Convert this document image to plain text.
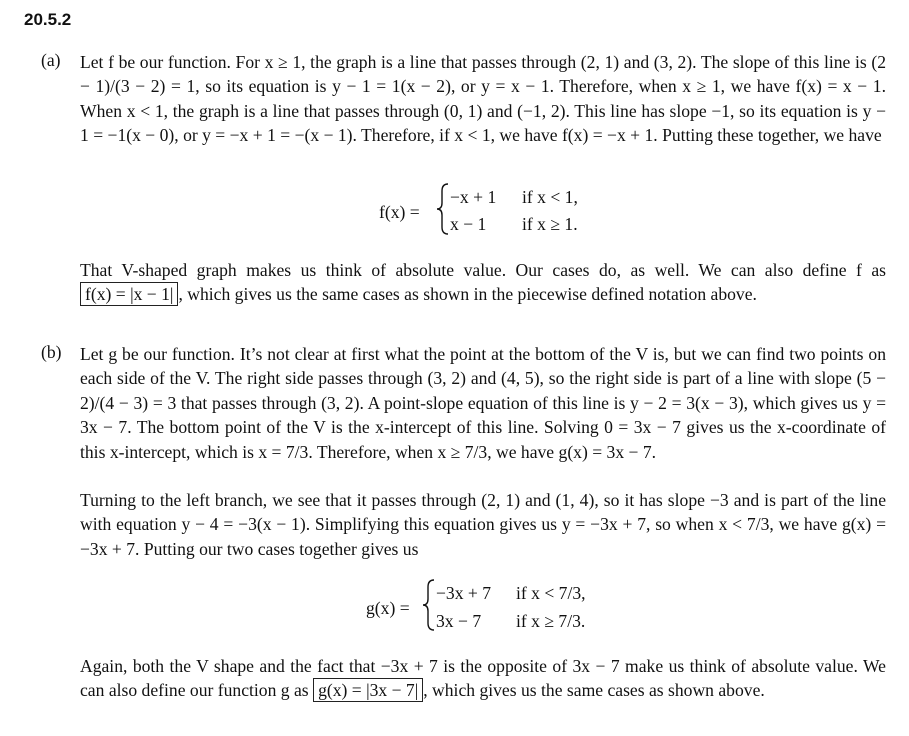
20.5.2
(a) Let f be our function. For x ≥ 1, the graph is a line that passes through (2, 1) and (3, 2). The slope of this line is (2 − 1)/(3 − 2) = 1, so its equation is y − 1 = 1(x − 2), or y = x − 1. Therefore, when x ≥ 1, we have f(x) = x − 1. When x < 1, the graph is a line that passes through (0, 1) and (−1, 2). This line has slope −1, so its equation is y − 1 = −1(x − 0), or y = −x + 1 = −(x − 1). Therefore, if x < 1, we have f(x) = −x + 1. Putting these together, we have
f(x) =
−x + 1 if x < 1,
x − 1 if x ≥ 1.
That V-shaped graph makes us think of absolute value. Our cases do, as well. We can also define f as f(x) = |x − 1| , which gives us the same cases as shown in the piecewise defined notation above.
(b) Let g be our function. It’s not clear at first what the point at the bottom of the V is, but we can find two points on each side of the V. The right side passes through (3, 2) and (4, 5), so the right side is part of a line with slope (5 − 2)/(4 − 3) = 3 that passes through (3, 2). A point-slope equation of this line is y − 2 = 3(x − 3), which gives us y = 3x − 7. The bottom point of the V is the x-intercept of this line. Solving 0 = 3x − 7 gives us the x-coordinate of this x-intercept, which is x = 7/3. Therefore, when x ≥ 7/3, we have g(x) = 3x − 7.
Turning to the left branch, we see that it passes through (2, 1) and (1, 4), so it has slope −3 and is part of the line with equation y − 4 = −3(x − 1). Simplifying this equation gives us y = −3x + 7, so when x < 7/3, we have g(x) = −3x + 7. Putting our two cases together gives us
g(x) =
−3x + 7 if x < 7/3,
3x − 7 if x ≥ 7/3.
Again, both the V shape and the fact that −3x + 7 is the opposite of 3x − 7 make us think of absolute value. We can also define our function g as g(x) = |3x − 7| , which gives us the same cases as shown above.
